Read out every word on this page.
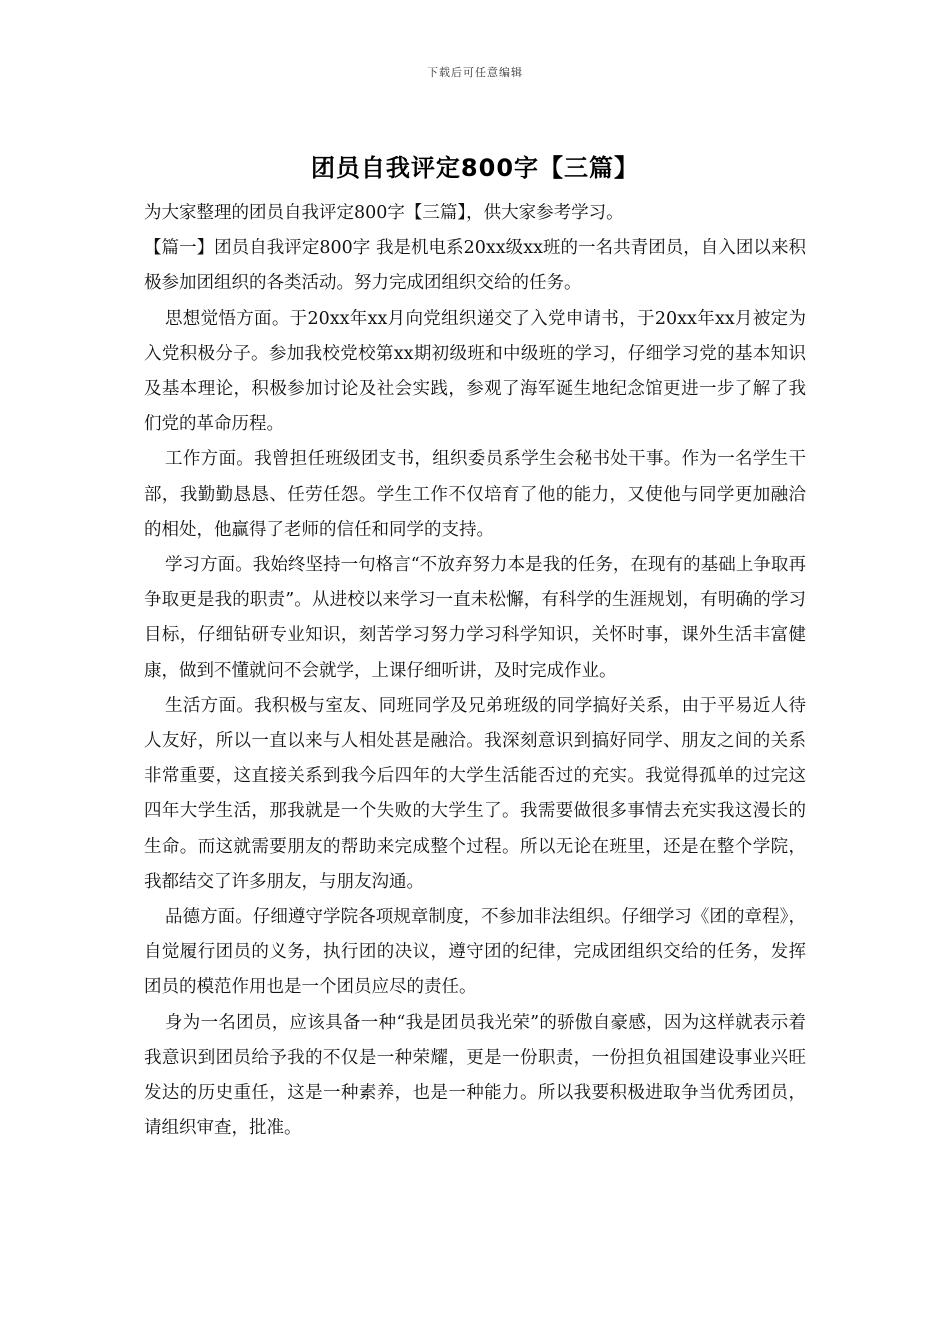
下载后可任意编辑
团员自我评定800字【三篇】

为大家整理的团员自我评定800字【三篇】，供大家参考学习。

【篇一】团员自我评定800字 我是机电系20xx级xx班的一名共青团员，自入团以来积极参加团组织的各类活动。努力完成团组织交给的任务。

思想觉悟方面。于20xx年xx月向党组织递交了入党申请书，于20xx年xx月被定为入党积极分子。参加我校党校第xx期初级班和中级班的学习，仔细学习党的基本知识及基本理论，积极参加讨论及社会实践，参观了海军诞生地纪念馆更进一步了解了我们党的革命历程。

工作方面。我曾担任班级团支书，组织委员系学生会秘书处干事。作为一名学生干部，我勤勤恳恳、任劳任怨。学生工作不仅培育了他的能力，又使他与同学更加融洽的相处，他赢得了老师的信任和同学的支持。

学习方面。我始终坚持一句格言“不放弃努力本是我的任务，在现有的基础上争取再争取更是我的职责”。从进校以来学习一直未松懈，有科学的生涯规划，有明确的学习目标，仔细钻研专业知识，刻苦学习努力学习科学知识，关怀时事，课外生活丰富健康，做到不懂就问不会就学，上课仔细听讲，及时完成作业。

生活方面。我积极与室友、同班同学及兄弟班级的同学搞好关系，由于平易近人待人友好，所以一直以来与人相处甚是融洽。我深刻意识到搞好同学、朋友之间的关系非常重要，这直接关系到我今后四年的大学生活能否过的充实。我觉得孤单的过完这四年大学生活，那我就是一个失败的大学生了。我需要做很多事情去充实我这漫长的生命。而这就需要朋友的帮助来完成整个过程。所以无论在班里，还是在整个学院，我都结交了许多朋友，与朋友沟通。

品德方面。仔细遵守学院各项规章制度，不参加非法组织。仔细学习《团的章程》，自觉履行团员的义务，执行团的决议，遵守团的纪律，完成团组织交给的任务，发挥团员的模范作用也是一个团员应尽的责任。

身为一名团员，应该具备一种“我是团员我光荣”的骄傲自豪感，因为这样就表示着我意识到团员给予我的不仅是一种荣耀，更是一份职责，一份担负祖国建设事业兴旺发达的历史重任，这是一种素养，也是一种能力。所以我要积极进取争当优秀团员，请组织审查，批准。
